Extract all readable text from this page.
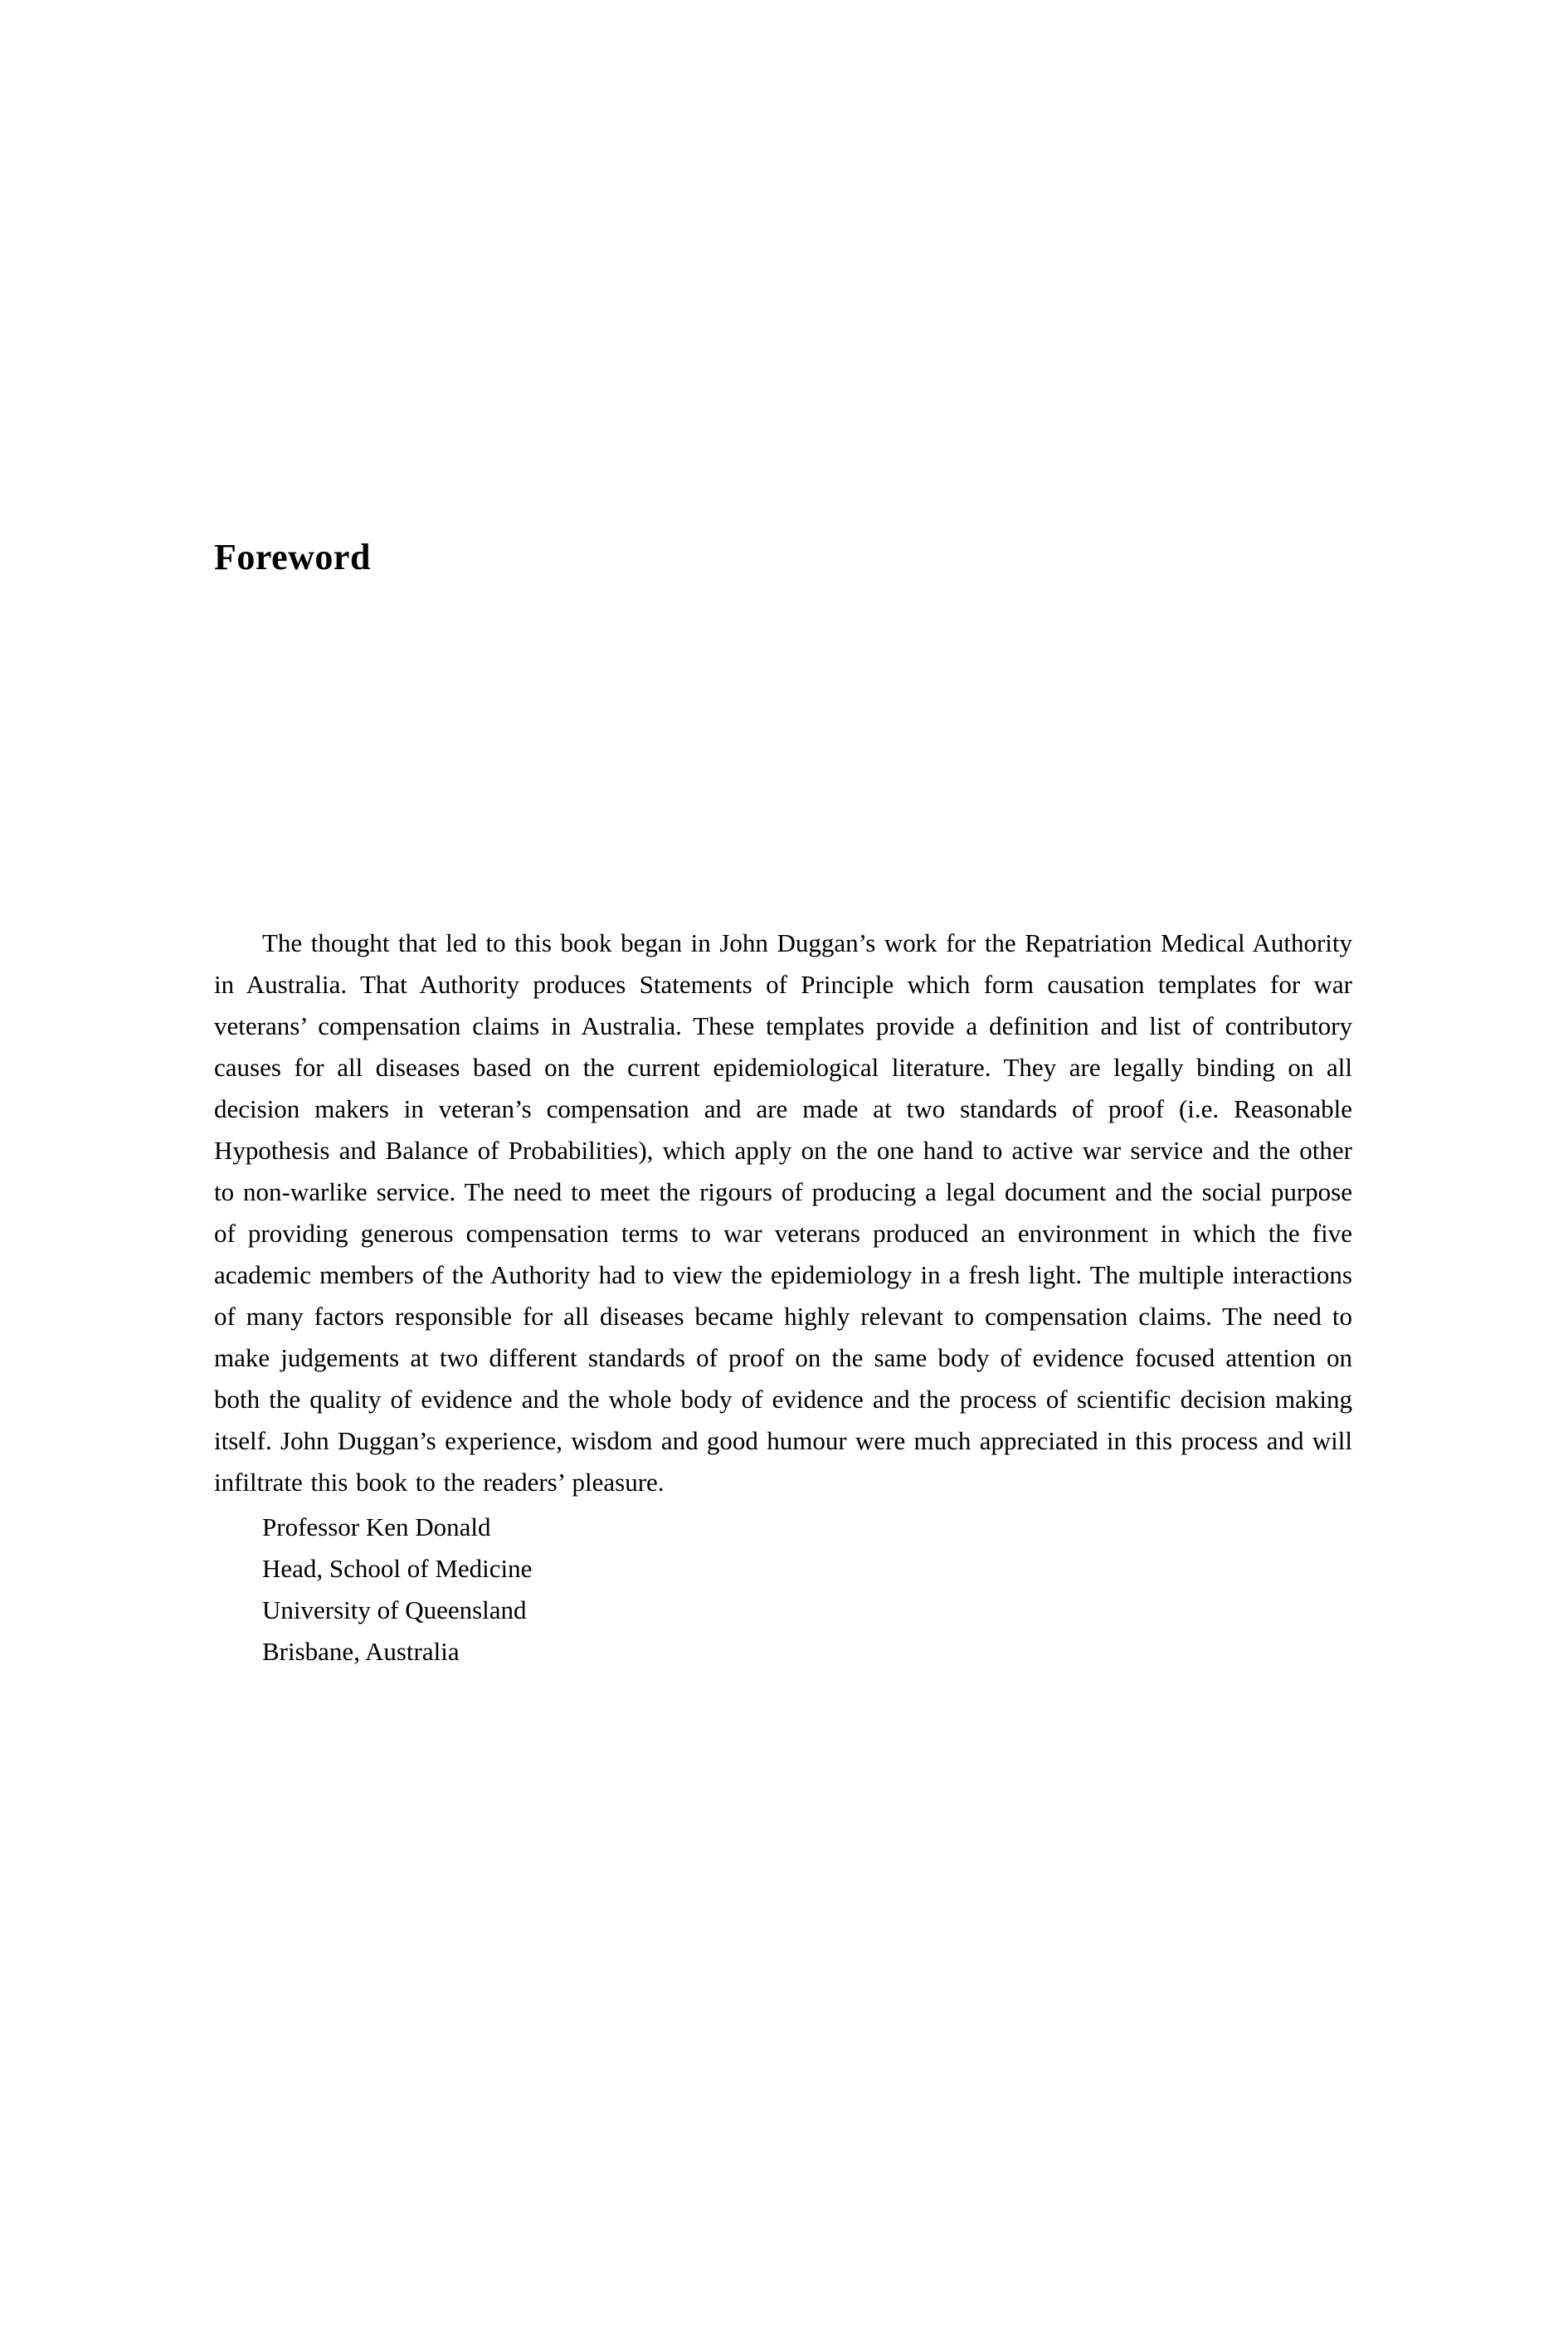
Foreword

The thought that led to this book began in John Duggan’s work for the Repatriation Medical Authority in Australia. That Authority produces Statements of Principle which form causation templates for war veterans’ compensation claims in Australia. These templates provide a definition and list of contributory causes for all diseases based on the current epidemiological literature. They are legally binding on all decision makers in veteran’s compensation and are made at two standards of proof (i.e. Reasonable Hypothesis and Balance of Probabilities), which apply on the one hand to active war service and the other to non-warlike service. The need to meet the rigours of producing a legal document and the social purpose of providing generous compensation terms to war veterans produced an environment in which the five academic members of the Authority had to view the epidemiology in a fresh light. The multiple interactions of many factors responsible for all diseases became highly relevant to compensation claims. The need to make judgements at two different standards of proof on the same body of evidence focused attention on both the quality of evidence and the whole body of evidence and the process of scientific decision making itself. John Duggan’s experience, wisdom and good humour were much appreciated in this process and will infiltrate this book to the readers’ pleasure.

Professor Ken Donald
Head, School of Medicine
University of Queensland
Brisbane, Australia
